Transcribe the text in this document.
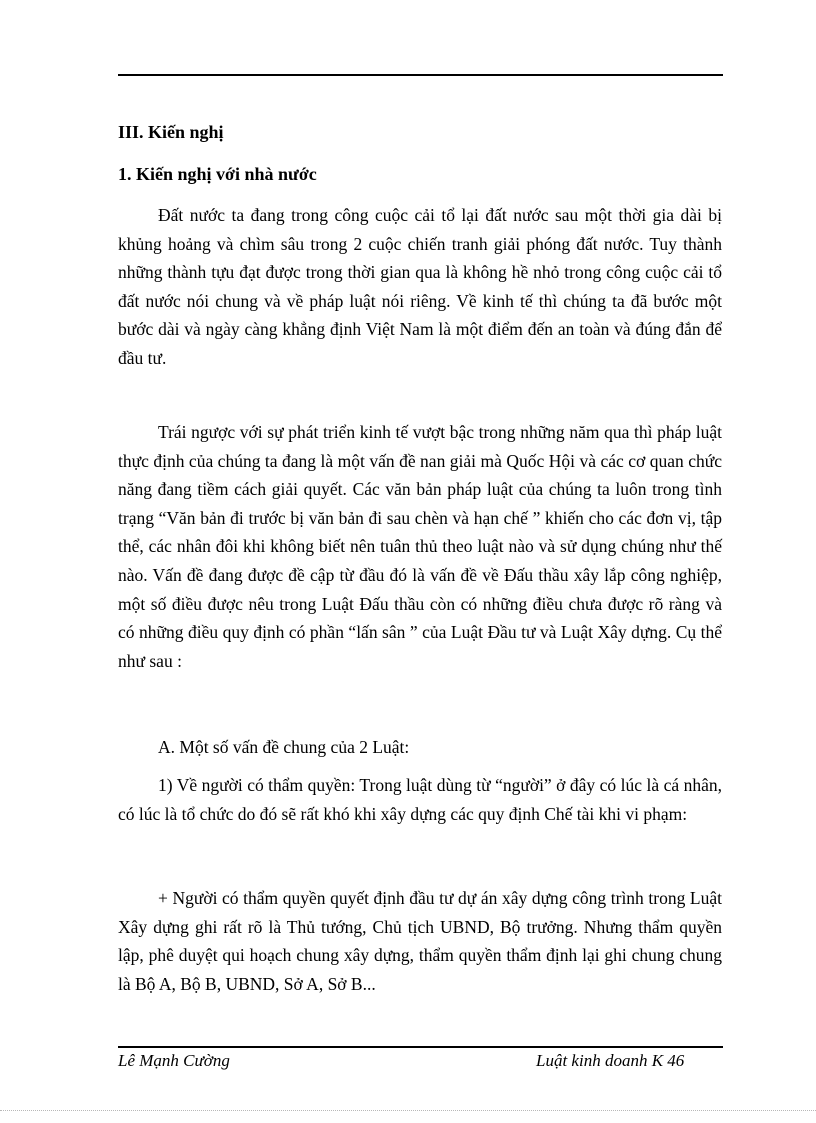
III. Kiến nghị
1. Kiến nghị với nhà nước

Đất nước ta đang trong công cuộc cải tổ lại đất nước sau một thời gia dài bị khủng hoảng và chìm sâu trong 2 cuộc chiến tranh giải phóng đất nước. Tuy thành những thành tựu đạt được trong thời gian qua là không hề nhỏ trong công cuộc cải tổ đất nước nói chung và về pháp luật nói riêng. Về kinh tế thì chúng ta đã bước một bước dài và ngày càng khẳng định Việt Nam là một điểm đến an toàn và đúng đắn để đầu tư.

Trái ngược với sự phát triển kinh tế vượt bậc trong những năm qua thì pháp luật thực định của chúng ta đang là một vấn đề nan giải mà Quốc Hội và các cơ quan chức năng đang tiềm cách giải quyết. Các văn bản pháp luật của chúng ta luôn trong tình trạng “Văn bản đi trước bị văn bản đi sau chèn và hạn chế ” khiến cho các đơn vị, tập thể, các nhân đôi khi không biết nên tuân thủ theo luật nào và sử dụng chúng như thế nào. Vấn đề đang được đề cập từ đầu đó là vấn đề về Đấu thầu xây lắp công nghiệp, một số điều được nêu trong Luật Đấu thầu còn có những điều chưa được rõ ràng và có những điều quy định có phần “lấn sân ” của Luật Đầu tư và Luật Xây dựng. Cụ thể như sau :

A. Một số vấn đề chung của 2 Luật:

1) Về người có thẩm quyền: Trong luật dùng từ “người” ở đây có lúc là cá nhân, có lúc là tổ chức do đó sẽ rất khó khi xây dựng các quy định Chế tài khi vi phạm:

+ Người có thẩm quyền quyết định đầu tư dự án xây dựng công trình trong Luật Xây dựng ghi rất rõ là Thủ tướng, Chủ tịch UBND, Bộ trưởng. Nhưng thẩm quyền lập, phê duyệt qui hoạch chung xây dựng, thẩm quyền thẩm định lại ghi chung chung là Bộ A, Bộ B, UBND, Sở A, Sở B...

Lê Mạnh Cường	Luật kinh doanh K 46
